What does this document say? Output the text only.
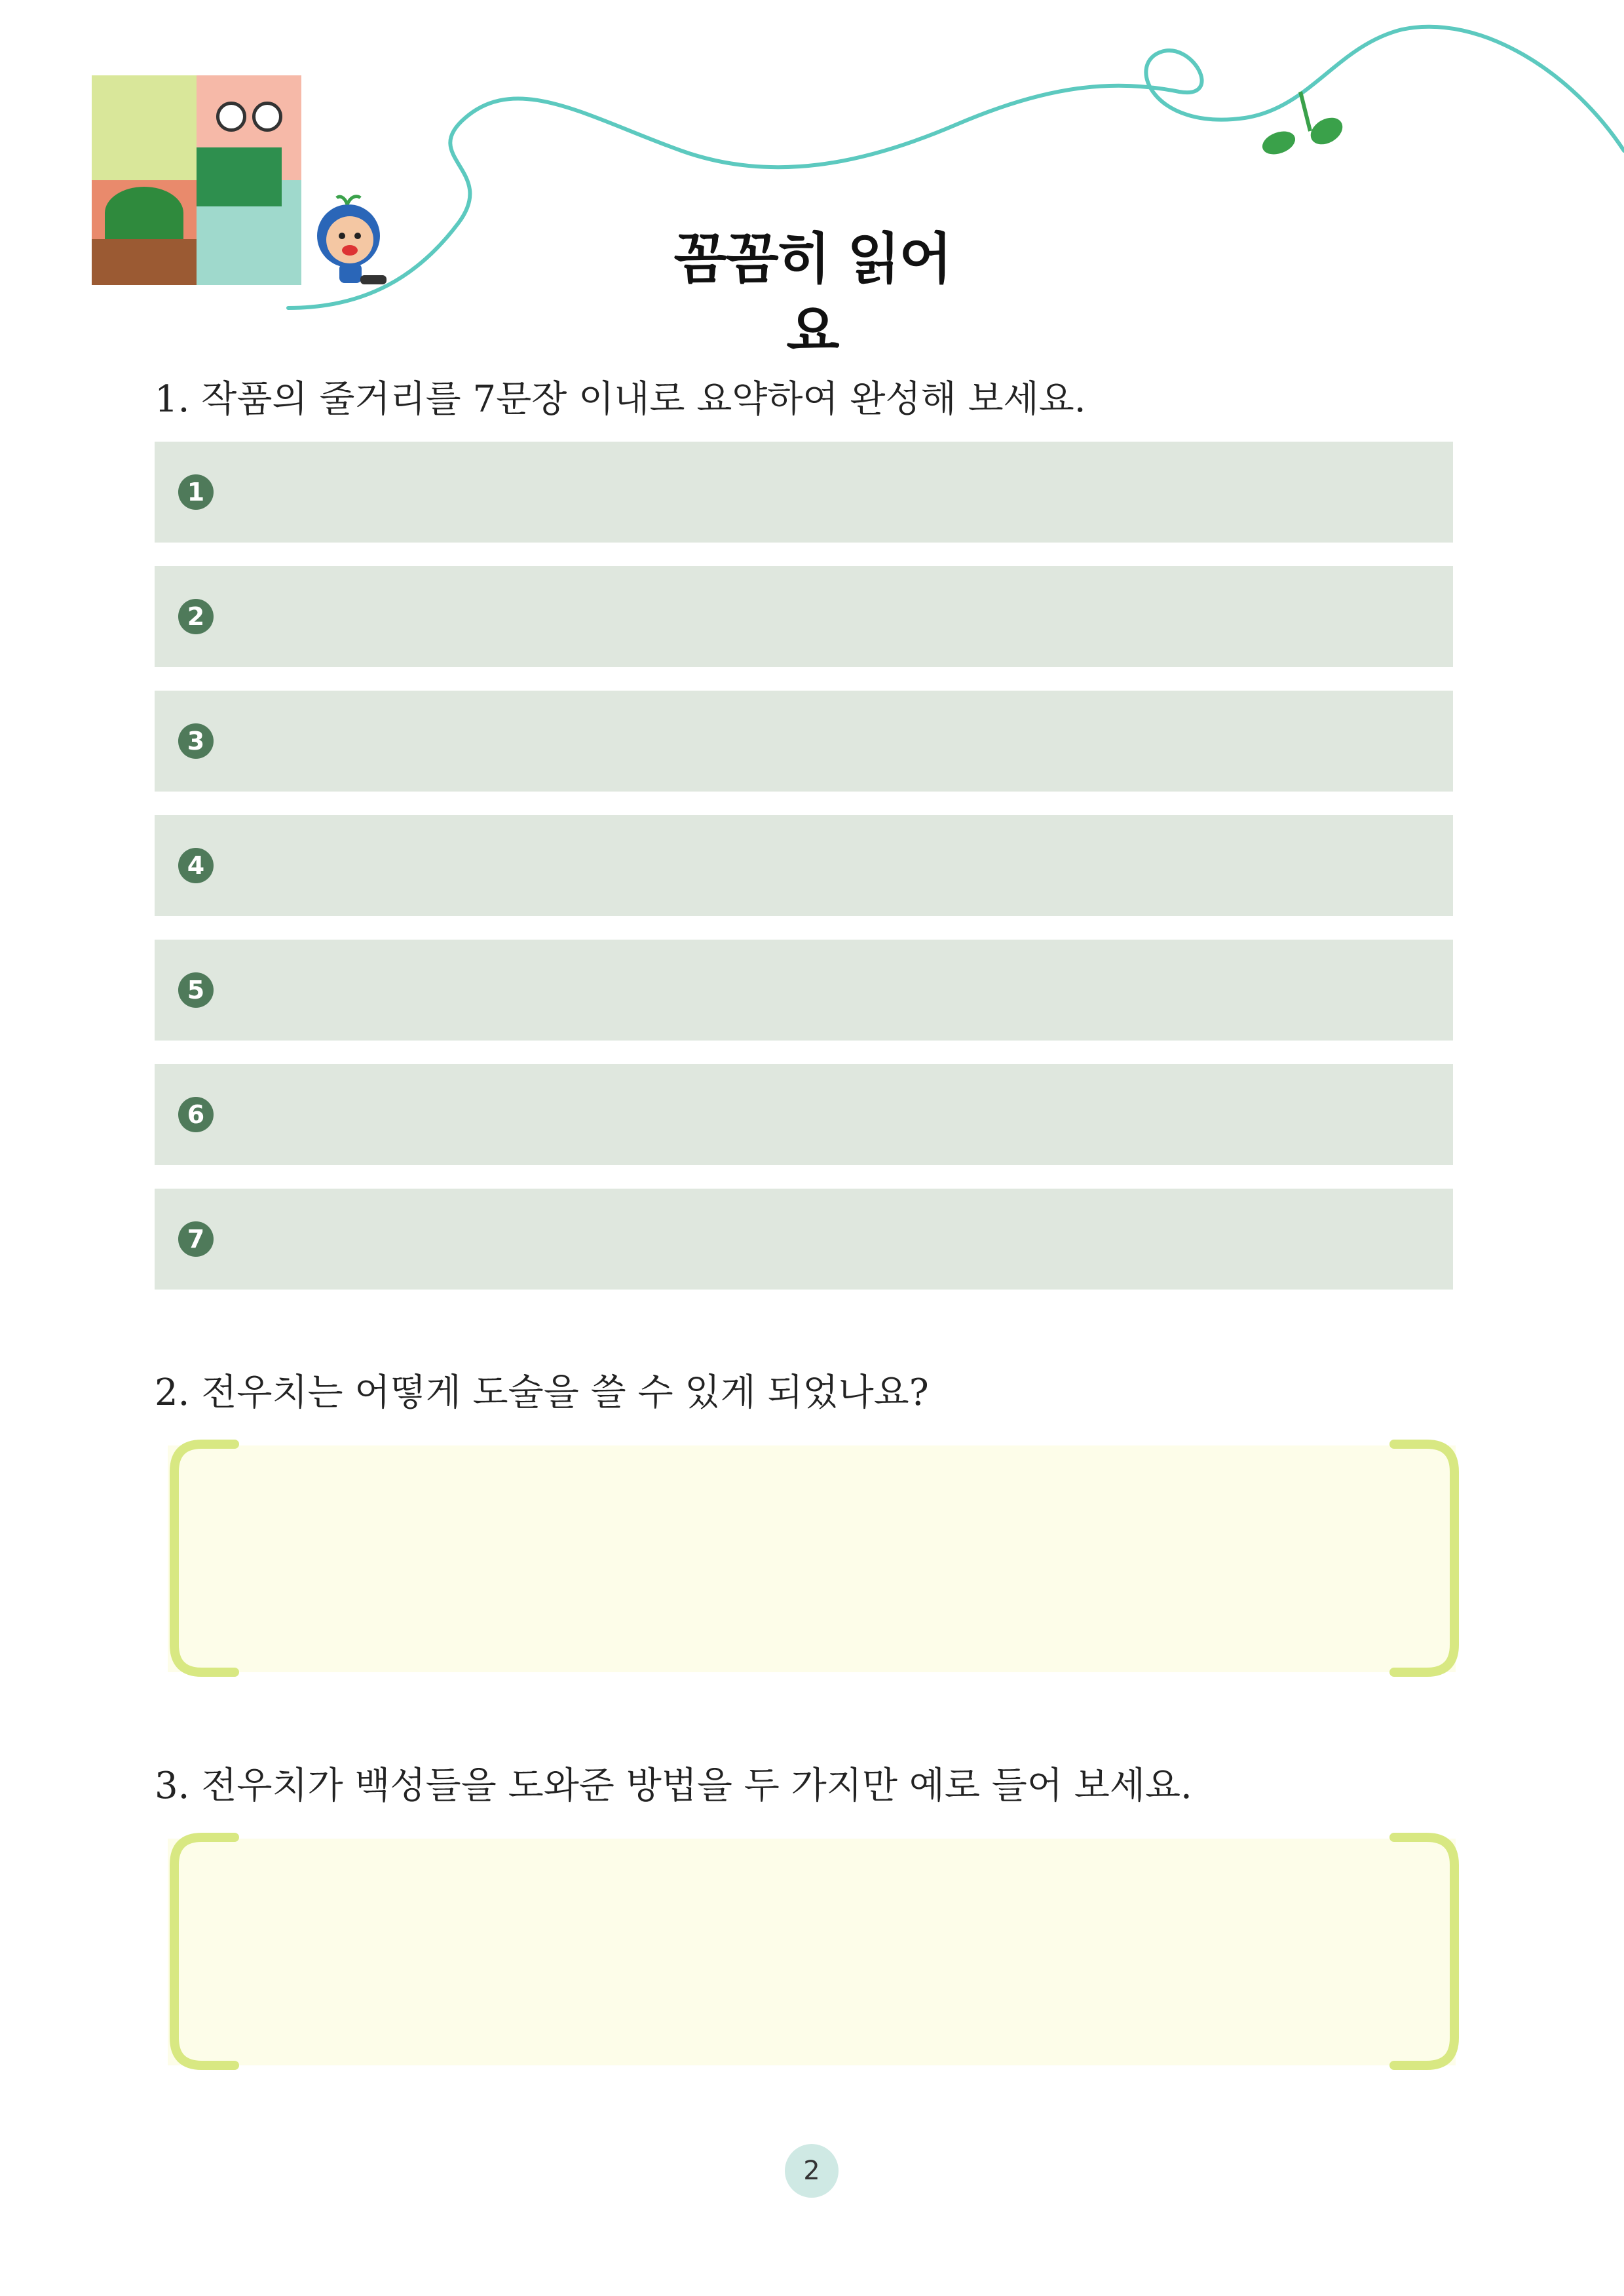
꼼꼼히 읽어요
1. 작품의 줄거리를 7문장 이내로 요약하여 완성해 보세요.
1
2
3
4
5
6
7
2. 전우치는 어떻게 도술을 쓸 수 있게 되었나요?
3. 전우치가 백성들을 도와준 방법을 두 가지만 예로 들어 보세요.
2
